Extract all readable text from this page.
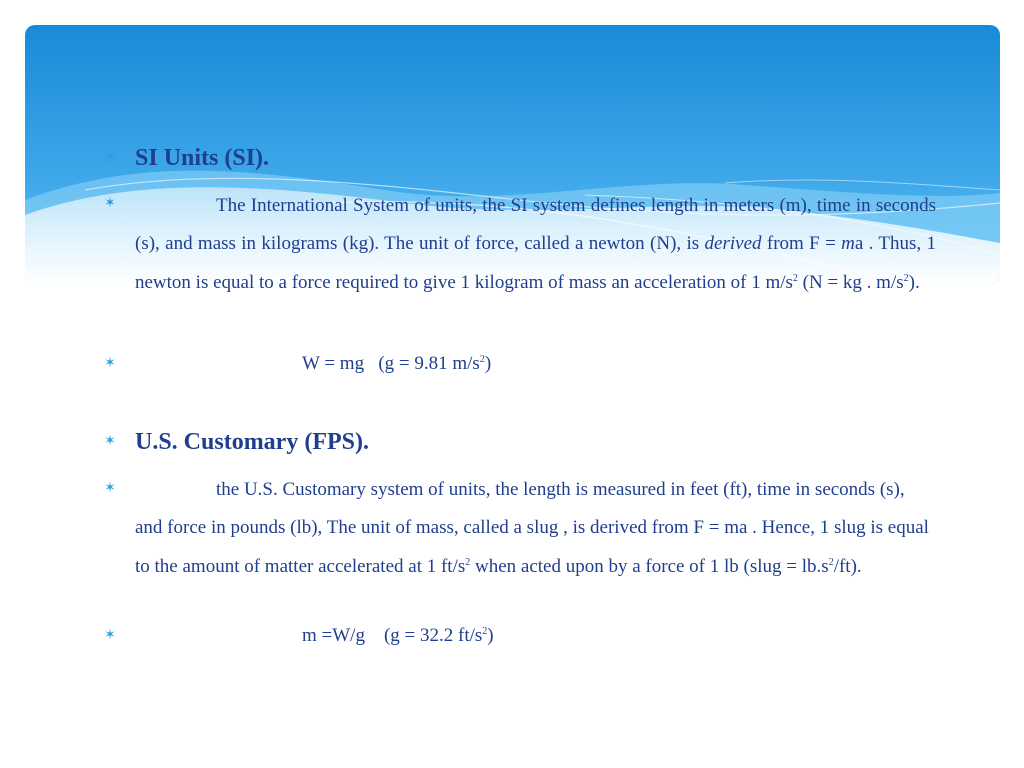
✶ SI Units (SI).
✶	The International System of units, the SI system defines length in meters (m), time in seconds (s), and mass in kilograms (kg). The unit of force, called a newton (N), is derived from F = ma . Thus, 1 newton is equal to a force required to give 1 kilogram of mass an acceleration of 1 $m/s^2$ (N = kg . $m/s^2$).
✶	W = mg   (g = 9.81 $m/s^2$)
✶ U.S. Customary (FPS).
✶	the U.S. Customary system of units, the length is measured in feet (ft), time in seconds (s), and force in pounds (lb), The unit of mass, called a slug , is derived from F = ma . Hence, 1 slug is equal to the amount of matter accelerated at 1 $ft/s^2$ when acted upon by a force of 1 lb (slug = $lb.s^2/ft$).
✶	m =W/g    (g = 32.2 $ft/s^2$)
